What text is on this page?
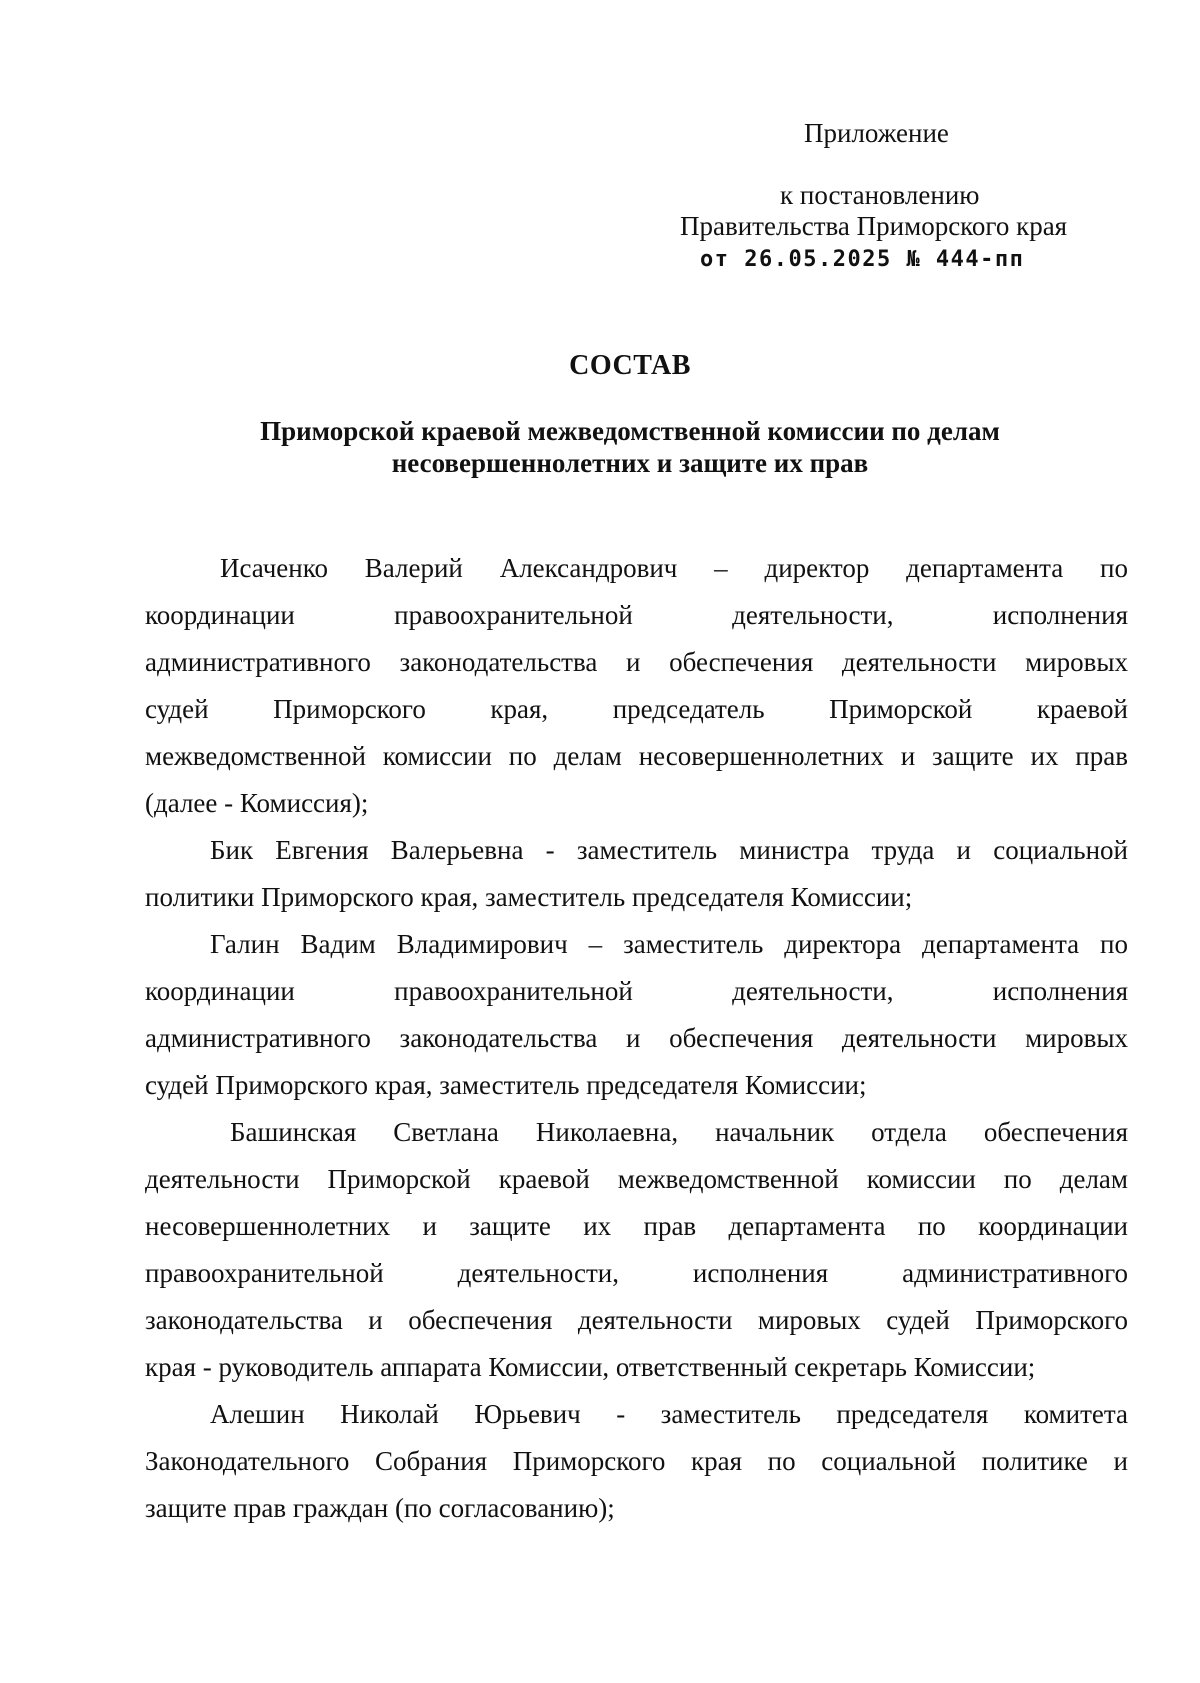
Приложение
к постановлению
Правительства Приморского края
от 26.05.2025 № 444-пп
СОСТАВ
Приморской краевой межведомственной комиссии по делам
несовершеннолетних и защите их прав
Исаченко Валерий Александрович – директор департамента по
координации правоохранительной деятельности, исполнения
административного законодательства и обеспечения деятельности мировых
судей Приморского края, председатель Приморской краевой
межведомственной комиссии по делам несовершеннолетних и защите их прав
(далее - Комиссия);
Бик Евгения Валерьевна - заместитель министра труда и социальной
политики Приморского края, заместитель председателя Комиссии;
Галин Вадим Владимирович – заместитель директора департамента по
координации правоохранительной деятельности, исполнения
административного законодательства и обеспечения деятельности мировых
судей Приморского края, заместитель председателя Комиссии;
Башинская Светлана Николаевна, начальник отдела обеспечения
деятельности Приморской краевой межведомственной комиссии по делам
несовершеннолетних и защите их прав департамента по координации
правоохранительной деятельности, исполнения административного
законодательства и обеспечения деятельности мировых судей Приморского
края - руководитель аппарата Комиссии, ответственный секретарь Комиссии;
Алешин Николай Юрьевич - заместитель председателя комитета
Законодательного Собрания Приморского края по социальной политике и
защите прав граждан (по согласованию);
